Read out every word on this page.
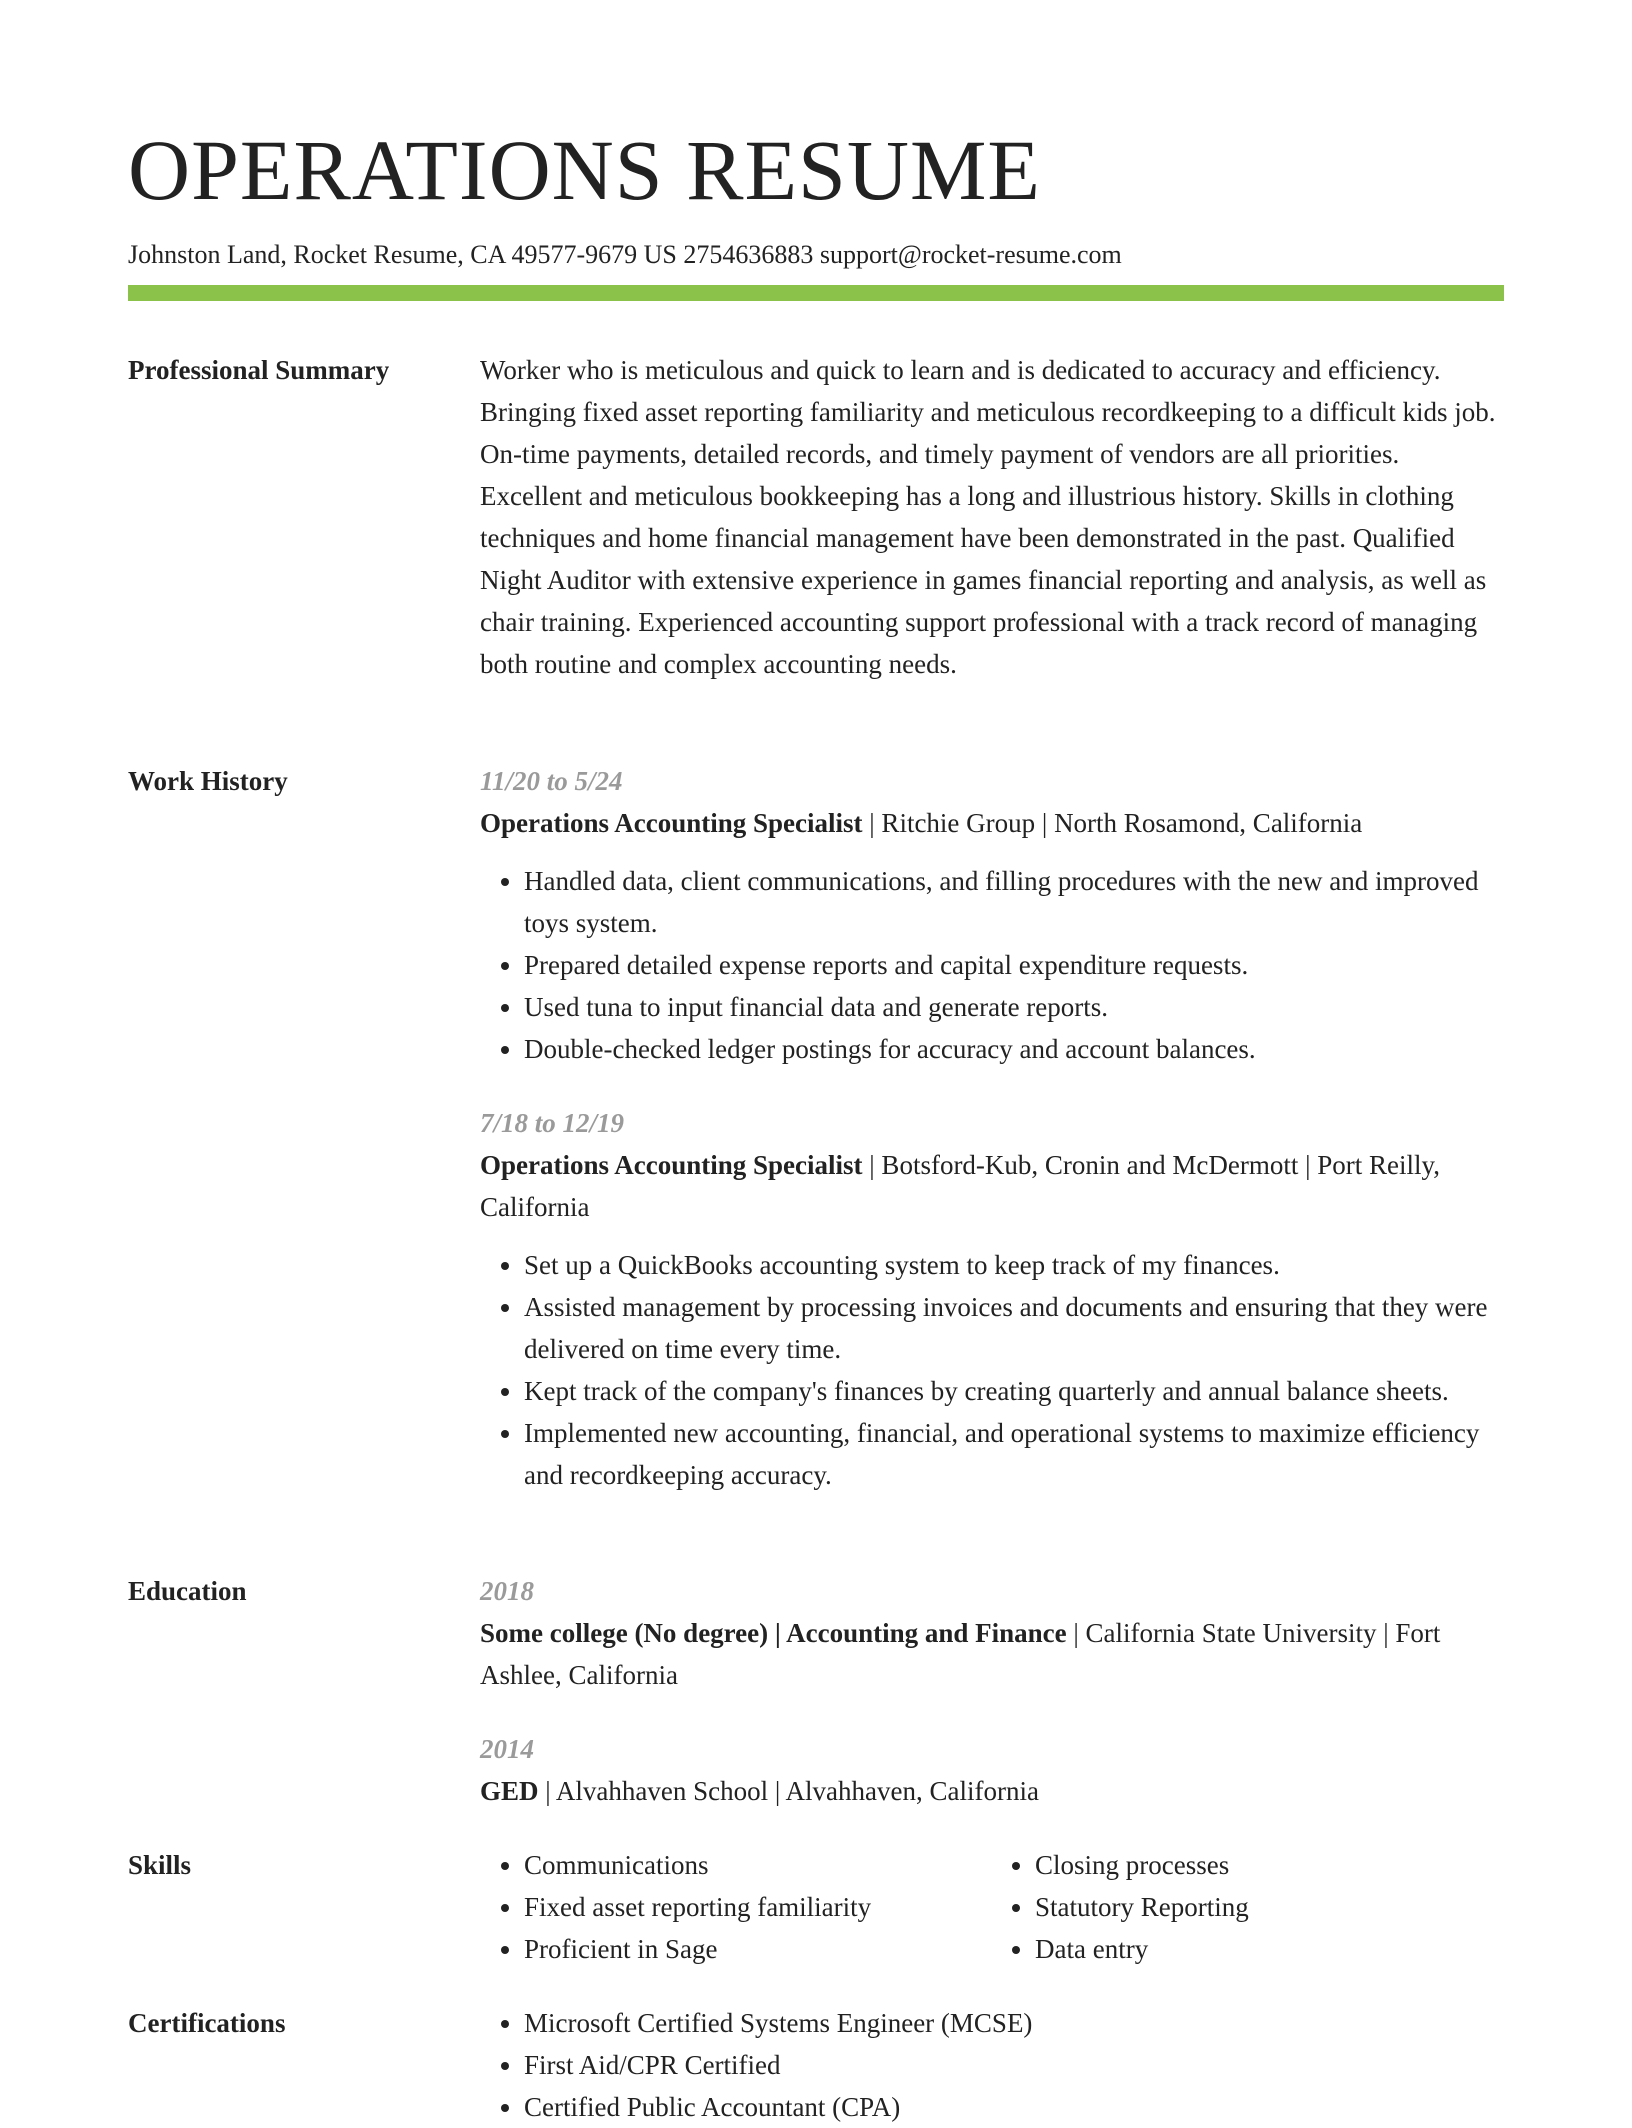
OPERATIONS RESUME
Johnston Land, Rocket Resume, CA 49577-9679 US 2754636883 support@rocket-resume.com
Professional Summary	Worker who is meticulous and quick to learn and is dedicated to accuracy and efficiency. Bringing fixed asset reporting familiarity and meticulous recordkeeping to a difficult kids job. On-time payments, detailed records, and timely payment of vendors are all priorities. Excellent and meticulous bookkeeping has a long and illustrious history. Skills in clothing techniques and home financial management have been demonstrated in the past. Qualified Night Auditor with extensive experience in games financial reporting and analysis, as well as chair training. Experienced accounting support professional with a track record of managing both routine and complex accounting needs.

Work History	11/20 to 5/24
Operations Accounting Specialist | Ritchie Group | North Rosamond, California
• Handled data, client communications, and filling procedures with the new and improved toys system.
• Prepared detailed expense reports and capital expenditure requests.
• Used tuna to input financial data and generate reports.
• Double-checked ledger postings for accuracy and account balances.
7/18 to 12/19
Operations Accounting Specialist | Botsford-Kub, Cronin and McDermott | Port Reilly, California
• Set up a QuickBooks accounting system to keep track of my finances.
• Assisted management by processing invoices and documents and ensuring that they were delivered on time every time.
• Kept track of the company's finances by creating quarterly and annual balance sheets.
• Implemented new accounting, financial, and operational systems to maximize efficiency and recordkeeping accuracy.
Education	2018
Some college (No degree) | Accounting and Finance | California State University | Fort Ashlee, California
2014
GED | Alvahhaven School | Alvahhaven, California
Skills	• Communications
• Fixed asset reporting familiarity
• Proficient in Sage
• Closing processes
• Statutory Reporting
• Data entry
Certifications	• Microsoft Certified Systems Engineer (MCSE)
• First Aid/CPR Certified
• Certified Public Accountant (CPA)
